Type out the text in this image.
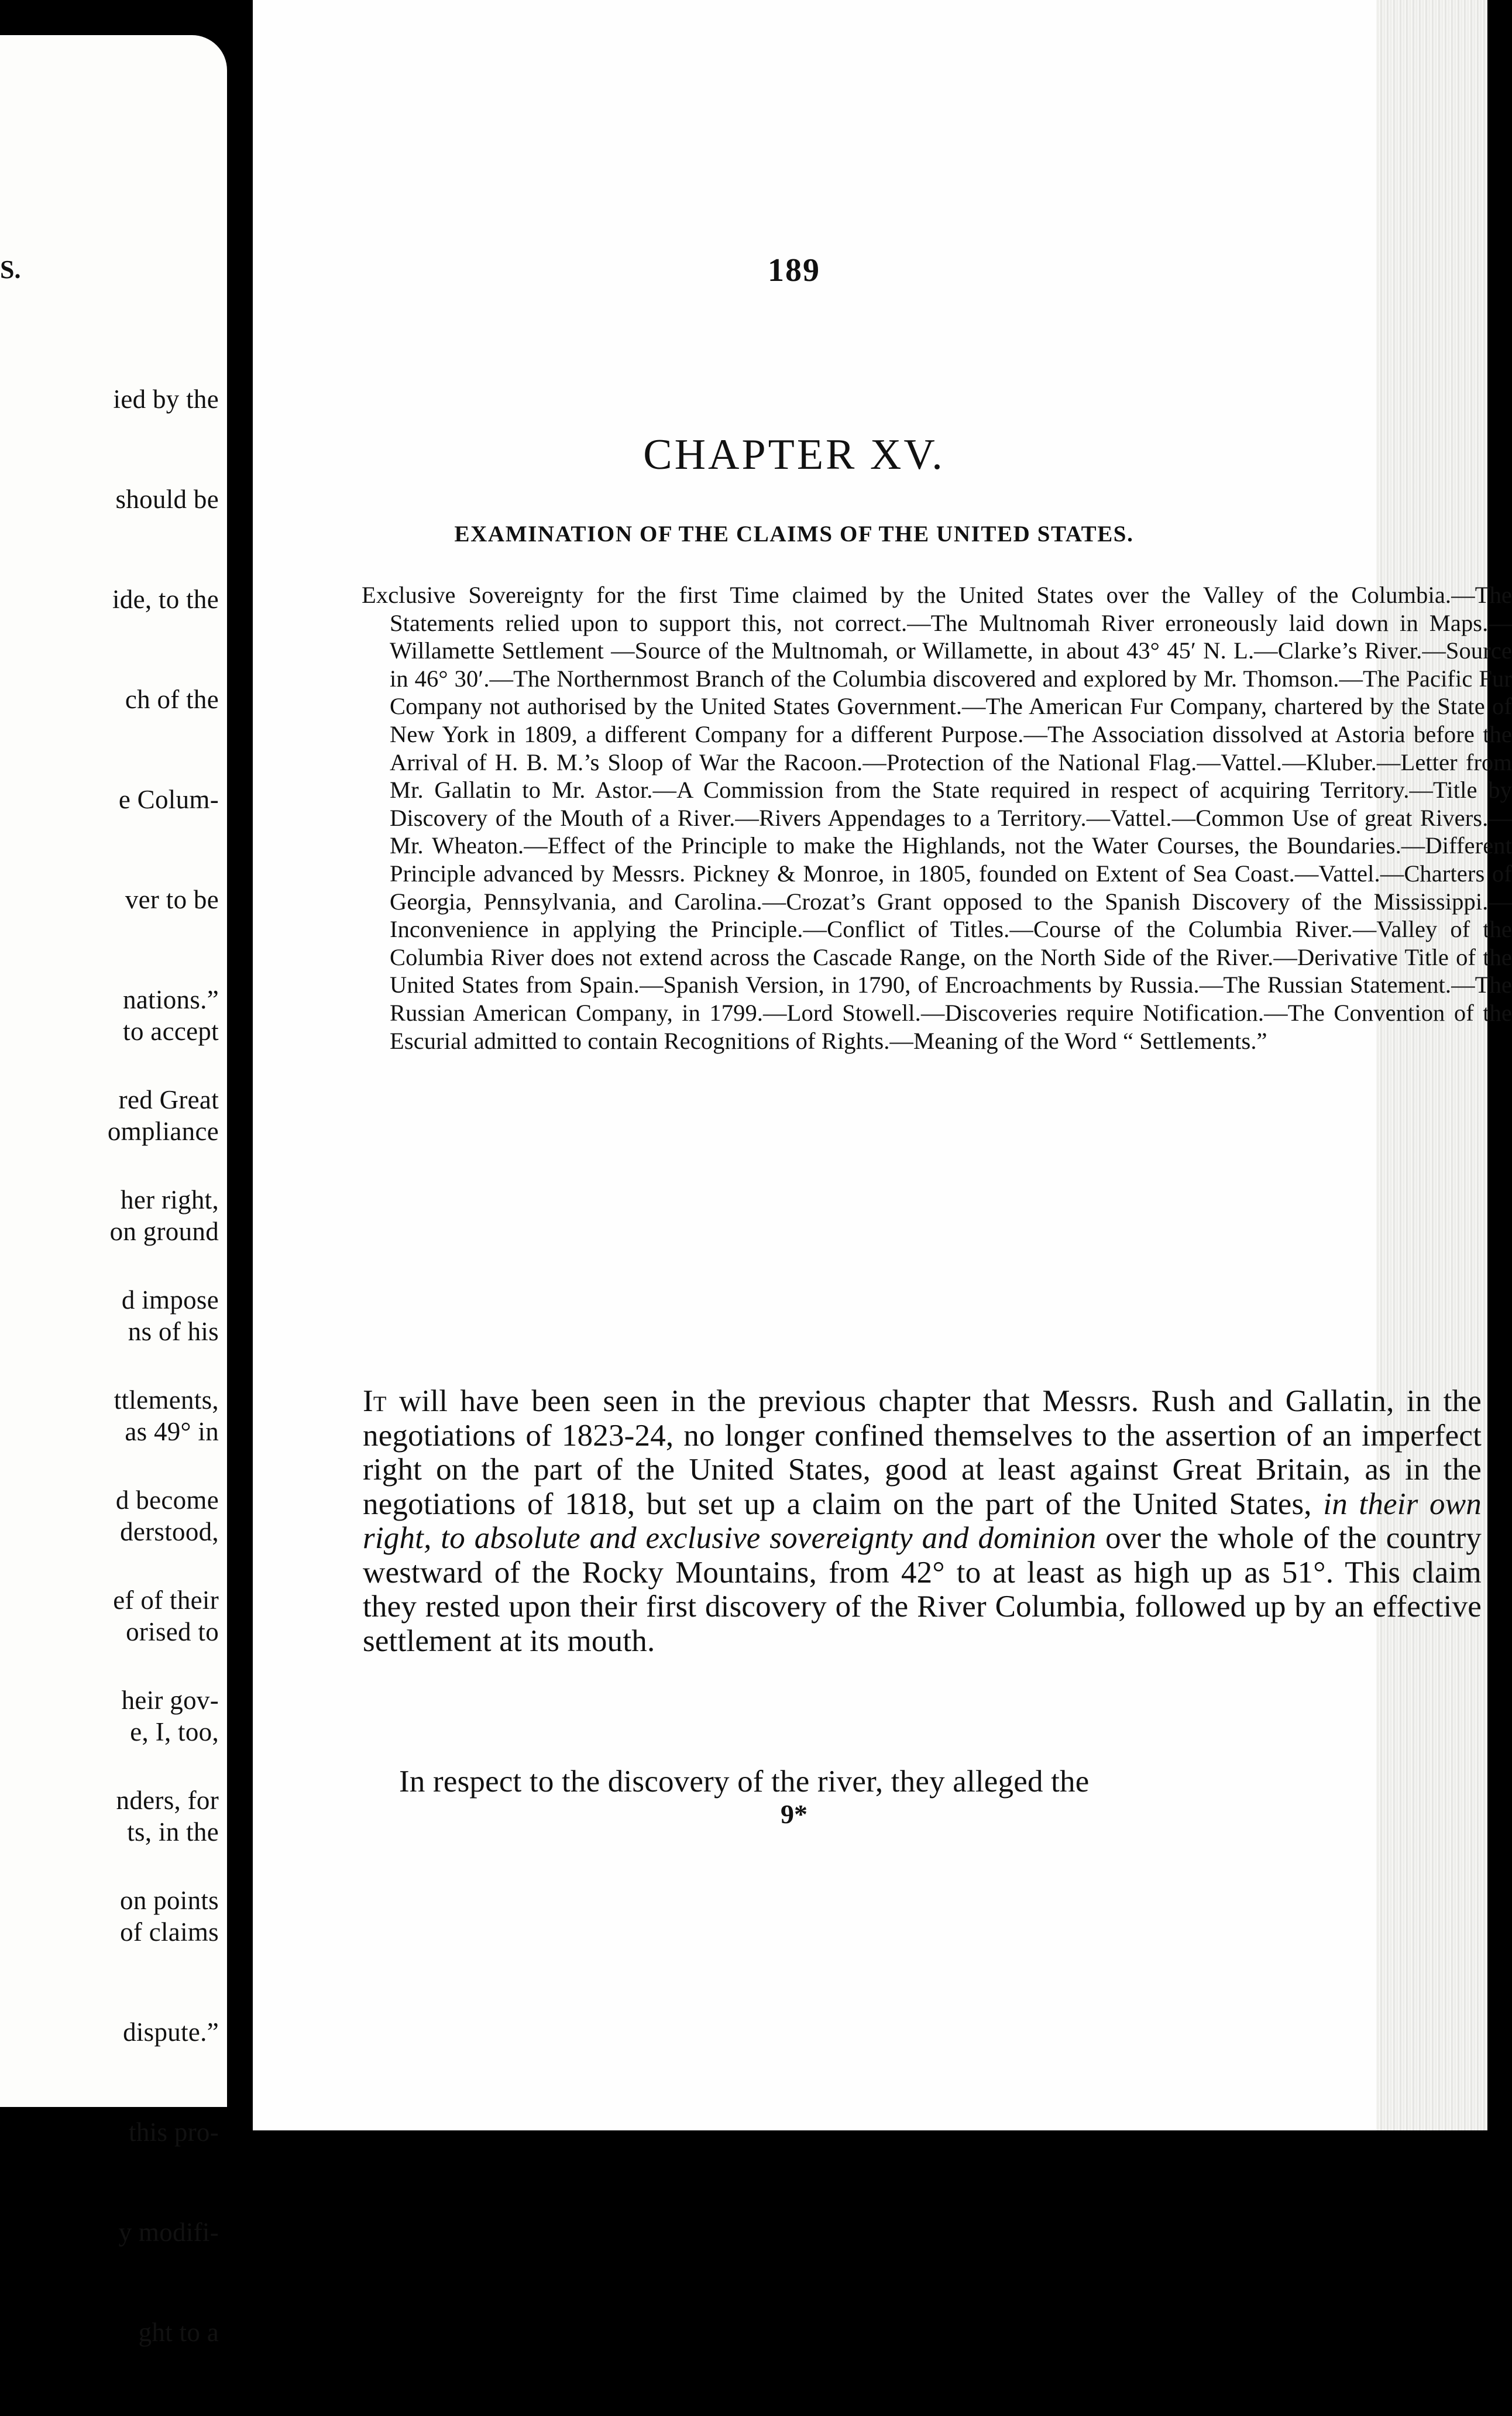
S.

ied by the

should be

ide, to the

ch of the

e Colum-

ver to be

nations.”

red Great

her right,

d impose

ttlements,

d become

ef of their

heir gov-

nders, for

on points

to accept

ompliance

on ground

ns of his

as 49° in

derstood,

orised to

e, I, too,

ts, in the

of claims

dispute.”

this pro-

y modifi-

ght to a

189
CHAPTER XV.
EXAMINATION OF THE CLAIMS OF THE UNITED STATES.
Exclusive Sovereignty for the first Time claimed by the United States over the Valley of the Columbia.—The Statements relied upon to support this, not correct.—The Multnomah River erroneously laid down in Maps.—Willamette Settlement —Source of the Multnomah, or Willamette, in about 43° 45′ N. L.—Clarke’s River.—Source in 46° 30′.—The Northernmost Branch of the Columbia discovered and explored by Mr. Thomson.—The Pacific Fur Company not authorised by the United States Government.—The American Fur Company, chartered by the State of New York in 1809, a different Company for a different Purpose.—The Association dissolved at Astoria before the Arrival of H. B. M.’s Sloop of War the Racoon.—Protection of the National Flag.—Vattel.—Kluber.—Letter from Mr. Gallatin to Mr. Astor.—A Commission from the State required in respect of acquiring Territory.—Title by Discovery of the Mouth of a River.—Rivers Appendages to a Territory.—Vattel.—Common Use of great Rivers.—Mr. Wheaton.—Effect of the Principle to make the Highlands, not the Water Courses, the Boundaries.—Different Principle advanced by Messrs. Pickney & Monroe, in 1805, founded on Extent of Sea Coast.—Vattel.—Charters of Georgia, Pennsylvania, and Carolina.—Crozat’s Grant opposed to the Spanish Discovery of the Mississippi.—Inconvenience in applying the Principle.—Conflict of Titles.—Course of the Columbia River.—Valley of the Columbia River does not extend across the Cascade Range, on the North Side of the River.—Derivative Title of the United States from Spain.—Spanish Version, in 1790, of Encroachments by Russia.—The Russian Statement.—The Russian American Company, in 1799.—Lord Stowell.—Discoveries require Notification.—The Convention of the Escurial admitted to contain Recognitions of Rights.—Meaning of the Word “ Settlements.”
It will have been seen in the previous chapter that Messrs. Rush and Gallatin, in the negotiations of 1823-24, no longer confined themselves to the assertion of an imperfect right on the part of the United States, good at least against Great Britain, as in the negotiations of 1818, but set up a claim on the part of the United States, in their own right, to absolute and exclusive sovereignty and dominion over the whole of the country westward of the Rocky Mountains, from 42° to at least as high up as 51°. This claim they rested upon their first discovery of the River Columbia, followed up by an effective settlement at its mouth.
In respect to the discovery of the river, they alleged the
9*
